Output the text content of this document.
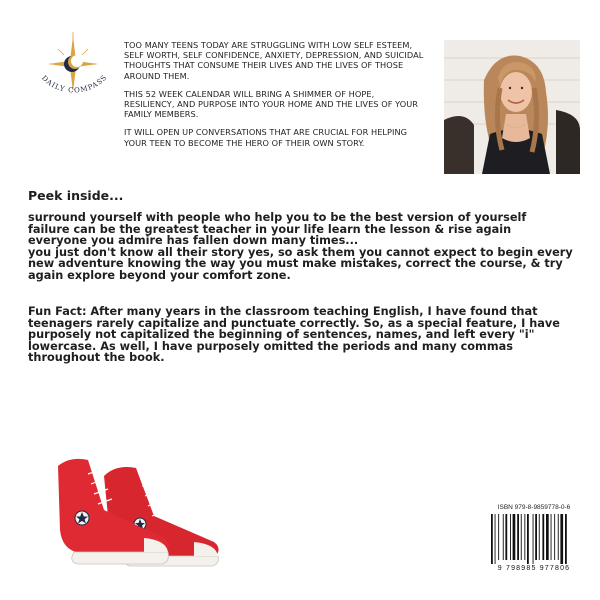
DAILY COMPASS

TOO MANY TEENS TODAY ARE STRUGGLING WITH LOW SELF ESTEEM, SELF WORTH, SELF CONFIDENCE, ANXIETY, DEPRESSION, AND SUICIDAL THOUGHTS THAT CONSUME THEIR LIVES AND THE LIVES OF THOSE AROUND THEM.

THIS 52 WEEK CALENDAR WILL BRING A SHIMMER OF HOPE, RESILIENCY, AND PURPOSE INTO YOUR HOME AND THE LIVES OF YOUR FAMILY MEMBERS.

IT WILL OPEN UP CONVERSATIONS THAT ARE CRUCIAL FOR HELPING YOUR TEEN TO BECOME THE HERO OF THEIR OWN STORY.

Peek inside...
surround yourself with people who help you to be the best version of yourself
failure can be the greatest teacher in your life learn the lesson & rise again
everyone you admire has fallen down many times...
you just don't know all their story yes, so ask them you cannot expect to begin every
new adventure knowing the way you must make mistakes, correct the course, & try
again explore beyond your comfort zone.
Fun Fact: After many years in the classroom teaching English, I have found that
teenagers rarely capitalize and punctuate correctly. So, as a special feature, I have
purposely not capitalized the beginning of sentences, names, and left every "i"
lowercase. As well, I have purposely omitted the periods and many commas
throughout the book.
ISBN 979-8-9859778-0-6
9 798985 977806
